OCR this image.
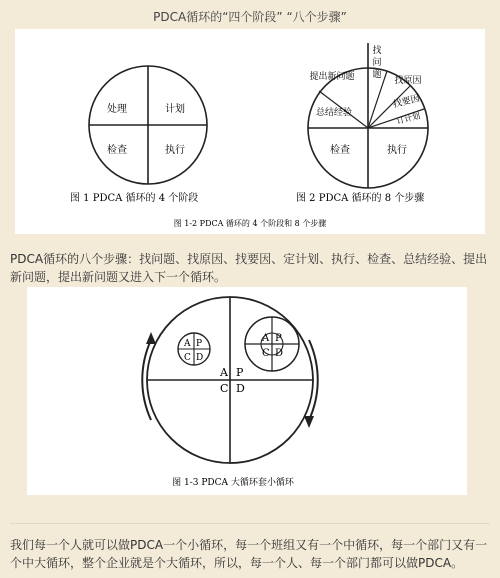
PDCA循环的“四个阶段” “八个步骤”
处理	计划
检查	执行
图 1 PDCA 循环的 4 个阶段
找
问
题
提出新问题	找原因
总结经验
找要因
订计划
检查	执行
图 2 PDCA 循环的 8 个步骤
图 1-2 PDCA 循环的 4 个阶段和 8 个步骤
PDCA循环的八个步骤：找问题、找原因、找要因、定计划、执行、检查、总结经验、提出新问题，提出新问题又进入下一个循环。
A P
C D
A P
C D
A P
C D
图 1-3 PDCA 大循环套小循环
我们每一个人就可以做PDCA一个小循环，每一个班组又有一个中循环，每一个部门又有一个中大循环，整个企业就是个大循环，所以，每一个人、每一个部门都可以做PDCA。
